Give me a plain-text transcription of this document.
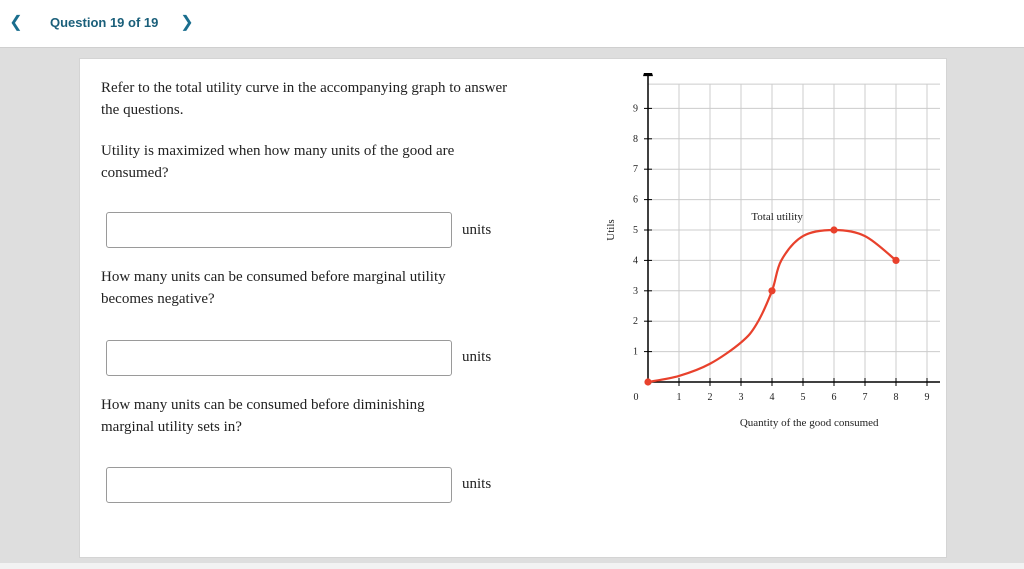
❮ Question 19 of 19 ❯
Refer to the total utility curve in the accompanying graph to answer the questions.
Utility is maximized when how many units of the good are consumed?
units
How many units can be consumed before marginal utility becomes negative?
units
How many units can be consumed before diminishing marginal utility sets in?
units
0	1	2	3	4	5	6	7	8	9
1
2
3
4
5
6
7
8
9
Total utility
Quantity of the good consumed
Utils
